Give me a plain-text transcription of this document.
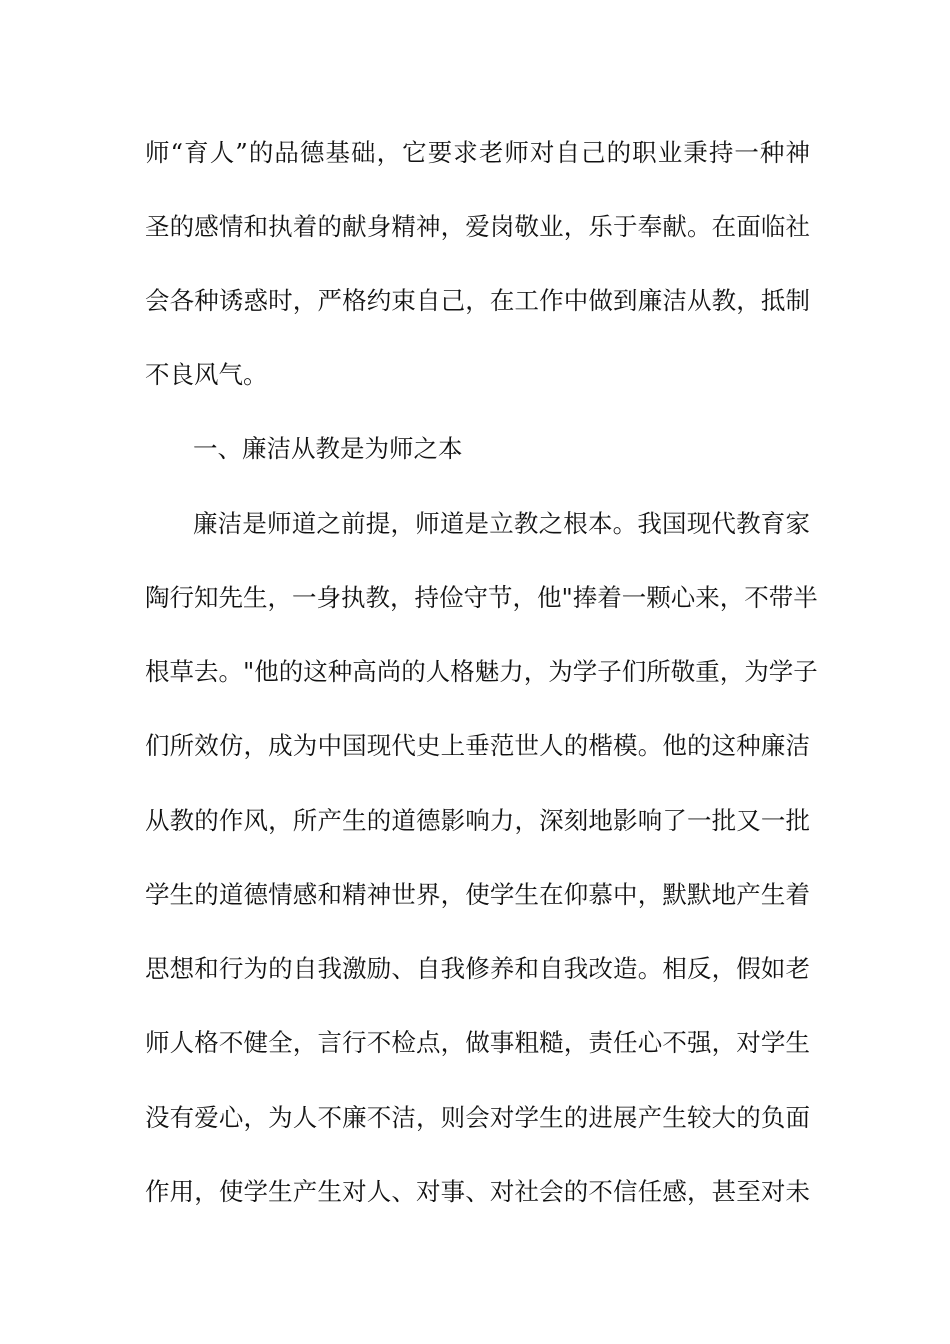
师“育人”的品德基础，它要求老师对自己的职业秉持一种神
圣的感情和执着的献身精神，爱岗敬业，乐于奉献。在面临社
会各种诱惑时，严格约束自己，在工作中做到廉洁从教，抵制
不良风气。
一、廉洁从教是为师之本
廉洁是师道之前提，师道是立教之根本。我国现代教育家
陶行知先生，一身执教，持俭守节，他"捧着一颗心来，不带半
根草去。"他的这种高尚的人格魅力，为学子们所敬重，为学子
们所效仿，成为中国现代史上垂范世人的楷模。他的这种廉洁
从教的作风，所产生的道德影响力，深刻地影响了一批又一批
学生的道德情感和精神世界，使学生在仰慕中，默默地产生着
思想和行为的自我激励、自我修养和自我改造。相反，假如老
师人格不健全，言行不检点，做事粗糙，责任心不强，对学生
没有爱心，为人不廉不洁，则会对学生的进展产生较大的负面
作用，使学生产生对人、对事、对社会的不信任感，甚至对未
